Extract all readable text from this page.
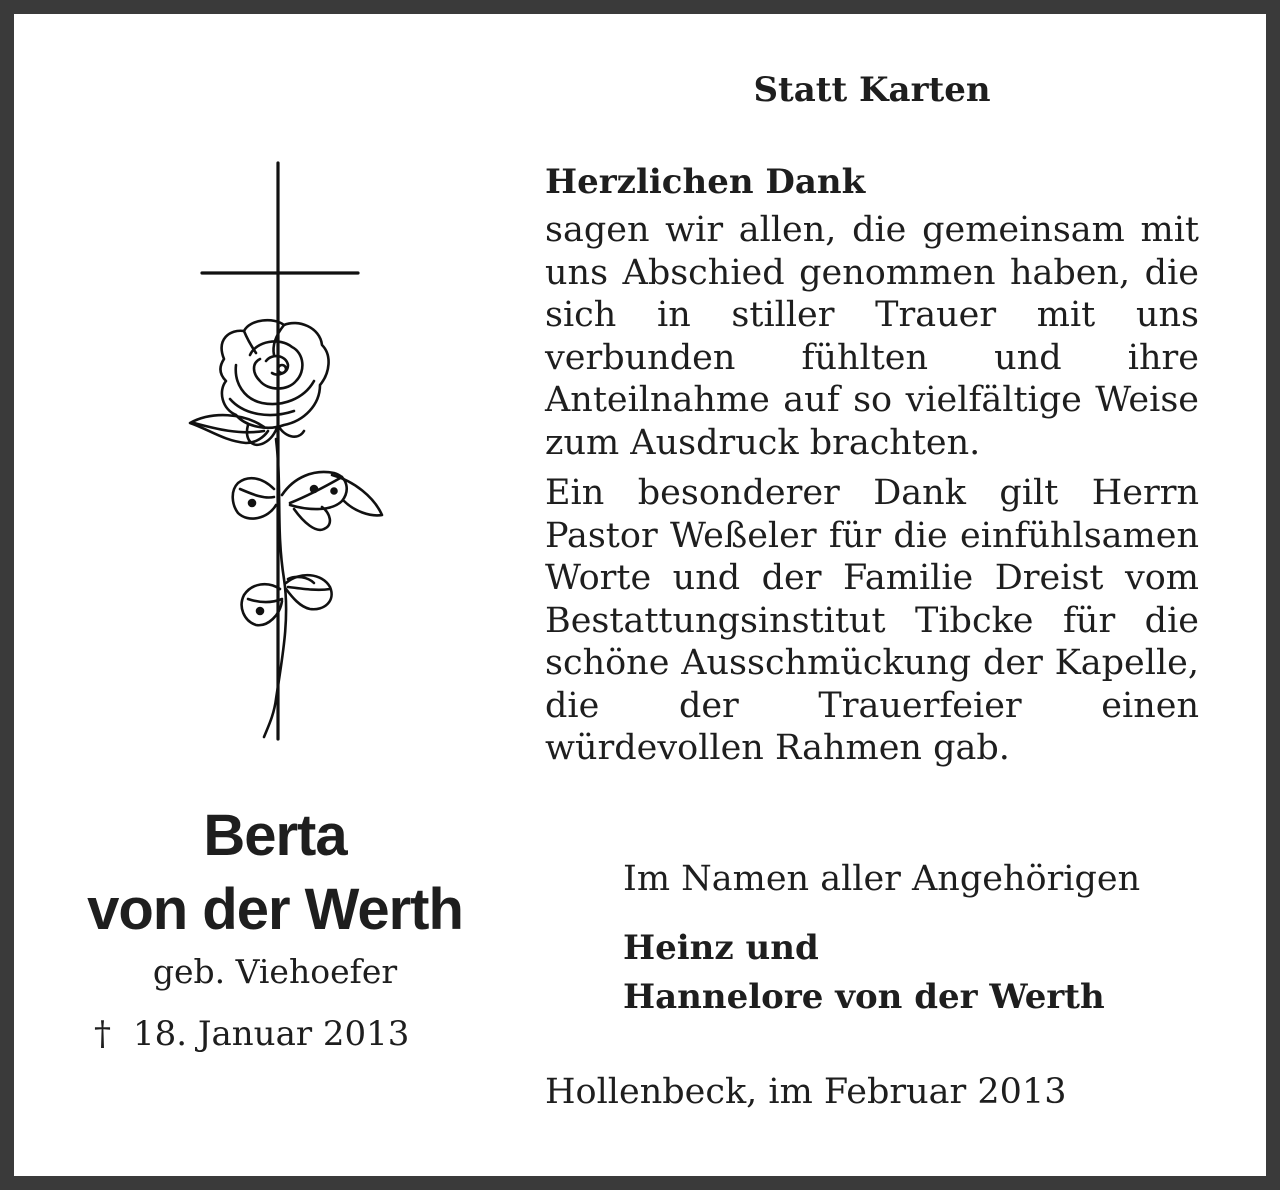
Statt Karten
Herzlichen Dank

sagen wir allen, die gemeinsam mit uns Abschied genommen haben, die sich in stiller Trauer mit uns verbunden fühlten und ihre Anteilnahme auf so vielfältige Weise zum Ausdruck brachten.

Ein besonderer Dank gilt Herrn Pastor Weßeler für die einfühlsamen Worte und der Familie Dreist vom Bestattungsinstitut Tibcke für die schöne Ausschmückung der Kapelle, die der Trauerfeier einen würdevollen Rahmen gab.

Im Namen aller Angehörigen
Heinz und
Hannelore von der Werth
Hollenbeck, im Februar 2013
Berta
von der Werth
geb. Viehoefer
† 18. Januar 2013
